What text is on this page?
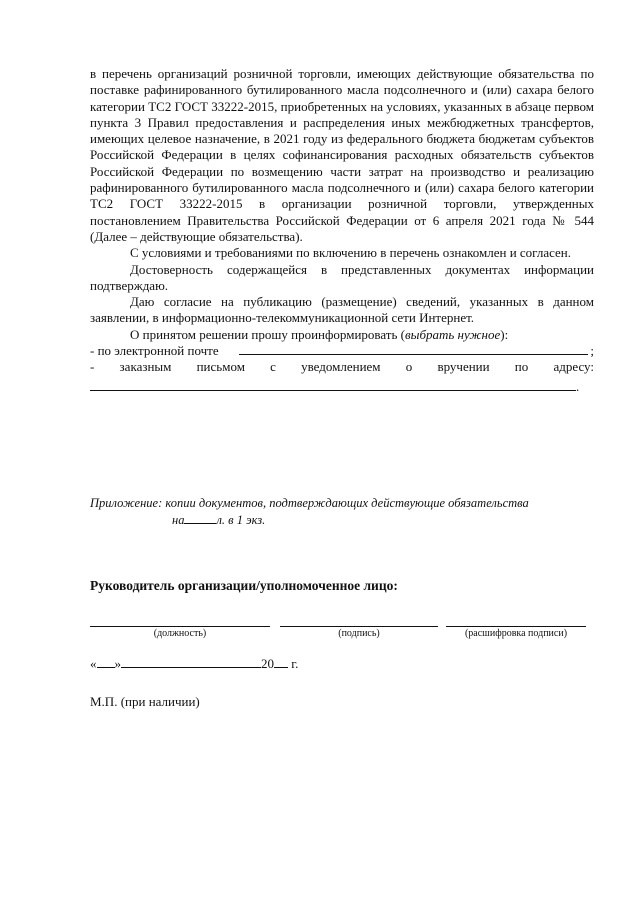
в перечень организаций розничной торговли, имеющих действующие обязательства по поставке рафинированного бутилированного масла подсолнечного и (или) сахара белого категории ТС2 ГОСТ 33222-2015, приобретенных на условиях, указанных в абзаце первом пункта 3 Правил предоставления и распределения иных межбюджетных трансфертов, имеющих целевое назначение, в 2021 году из федерального бюджета бюджетам субъектов Российской Федерации в целях софинансирования расходных обязательств субъектов Российской Федерации по возмещению части затрат на производство и реализацию рафинированного бутилированного масла подсолнечного и (или) сахара белого категории ТС2 ГОСТ 33222-2015 в организации розничной торговли, утвержденных постановлением Правительства Российской Федерации от 6 апреля 2021 года № 544 (Далее – действующие обязательства).

С условиями и требованиями по включению в перечень ознакомлен и согласен.

Достоверность содержащейся в представленных документах информации подтверждаю.

Даю согласие на публикацию (размещение) сведений, указанных в данном заявлении, в информационно-телекоммуникационной сети Интернет.

О принятом решении прошу проинформировать (выбрать нужное):

- по электронной почте	;

- заказным письмом с уведомлением о вручении по адресу:

.

Приложение: копии документов, подтверждающих действующие обязательства

на	л. в 1 экз.

Руководитель организации/уполномоченное лицо:
(должность)	(подпись)	(расшифровка подписи)
« »	20 г.
М.П. (при наличии)
